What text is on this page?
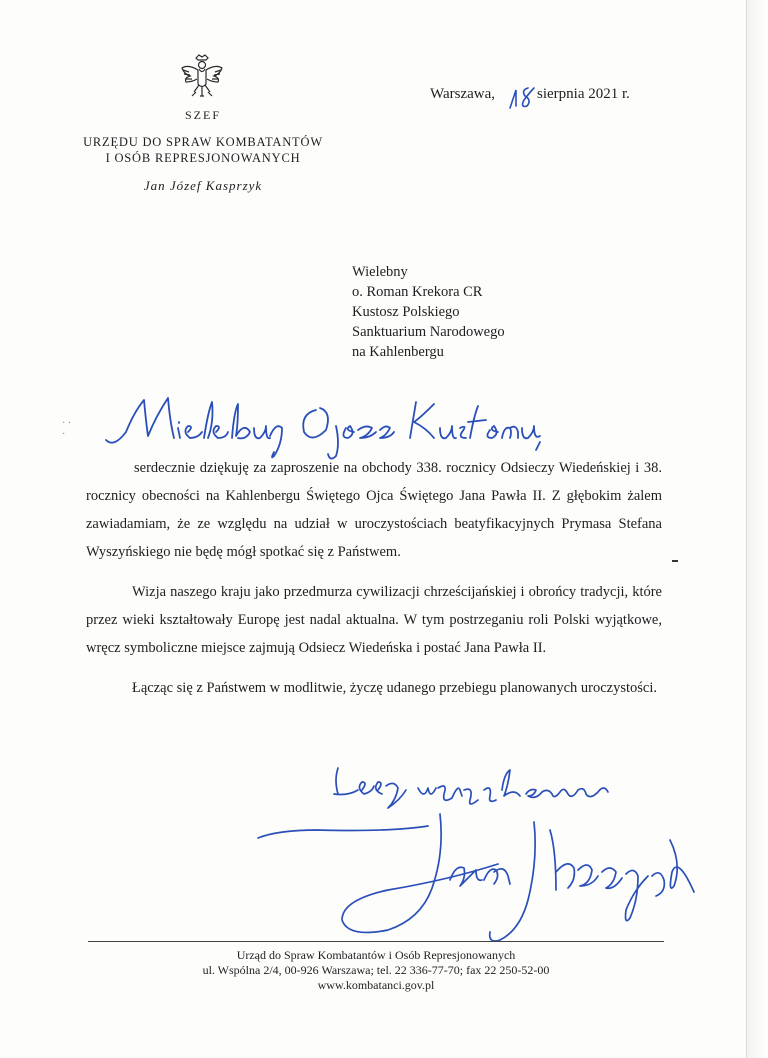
SZEF
URZĘDU DO SPRAW KOMBATANTÓW
I OSÓB REPRESJONOWANYCH
Jan Józef Kasprzyk
Warszawa,	sierpnia 2021 r.
Wielebny
o. Roman Krekora CR
Kustosz Polskiego
Sanktuarium Narodowego
na Kahlenbergu
· ·
·

serdecznie dziękuję za zaproszenie na obchody 338. rocznicy Odsieczy Wiedeńskiej i 38. rocznicy obecności na Kahlenbergu Świętego Ojca Świętego Jana Pawła II. Z głębokim żalem zawiadamiam, że ze względu na udział w uroczystościach beatyfikacyjnych Prymasa Stefana Wyszyńskiego nie będę mógł spotkać się z Państwem.

Wizja naszego kraju jako przedmurza cywilizacji chrześcijańskiej i obrońcy tradycji, które przez wieki kształtowały Europę jest nadal aktualna. W tym postrzeganiu roli Polski wyjątkowe, wręcz symboliczne miejsce zajmują Odsiecz Wiedeńska i postać Jana Pawła II.

Łącząc się z Państwem w modlitwie, życzę udanego przebiegu planowanych uroczystości.

Urząd do Spraw Kombatantów i Osób Represjonowanych
ul. Wspólna 2/4, 00-926 Warszawa; tel. 22 336-77-70; fax 22 250-52-00
www.kombatanci.gov.pl
